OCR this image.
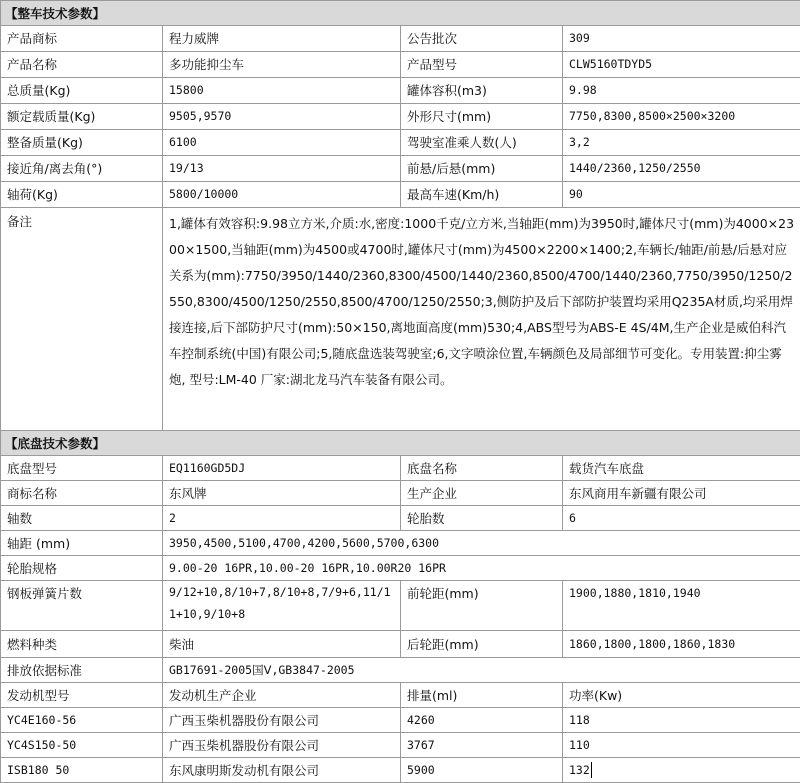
【整车技术参数】			
产品商标	程力威牌	公告批次	309
产品名称	多功能抑尘车	产品型号	CLW5160TDYD5
总质量(Kg)	15800	罐体容积(m3)	9.98
额定载质量(Kg)	9505,9570	外形尺寸(mm)	7750,8300,8500×2500×3200
整备质量(Kg)	6100	驾驶室准乘人数(人)	3,2
接近角/离去角(°)	19/13	前悬/后悬(mm)	1440/2360,1250/2550
轴荷(Kg)	5800/10000	最高车速(Km/h)	90
备注	1,罐体有效容积:9.98立方米,介质:水,密度:1000千克/立方米,当轴距(mm)为3950时,罐体尺寸(mm)为4000×2300×1500,当轴距(mm)为4500或4700时,罐体尺寸(mm)为4500×2200×1400;2,车辆长/轴距/前悬/后悬对应关系为(mm):7750/3950/1440/2360,8300/4500/1440/2360,8500/4700/1440/2360,7750/3950/1250/2550,8300/4500/1250/2550,8500/4700/1250/2550;3,侧防护及后下部防护装置均采用Q235A材质,均采用焊接连接,后下部防护尺寸(mm):50×150,离地面高度(mm)530;4,ABS型号为ABS-E 4S/4M,生产企业是威伯科汽车控制系统(中国)有限公司;5,随底盘选装驾驶室;6,文字喷涂位置,车辆颜色及局部细节可变化。专用装置:抑尘雾炮, 型号:LM-40 厂家:湖北龙马汽车装备有限公司。		
【底盘技术参数】			
底盘型号	EQ1160GD5DJ	底盘名称	载货汽车底盘
商标名称	东风牌	生产企业	东风商用车新疆有限公司
轴数	2	轮胎数	6
轴距 (mm)	3950,4500,5100,4700,4200,5600,5700,6300		
轮胎规格	9.00-20 16PR,10.00-20 16PR,10.00R20 16PR		
钢板弹簧片数	9/12+10,8/10+7,8/10+8,7/9+6,11/11+10,9/10+8	前轮距(mm)	1900,1880,1810,1940
燃料种类	柴油	后轮距(mm)	1860,1800,1800,1860,1830
排放依据标准	GB17691-2005国Ⅴ,GB3847-2005		
发动机型号	发动机生产企业	排量(ml)	功率(Kw)
YC4E160-56	广西玉柴机器股份有限公司	4260	118
YC4S150-50	广西玉柴机器股份有限公司	3767	110
ISB180 50	东风康明斯发动机有限公司	5900	132
